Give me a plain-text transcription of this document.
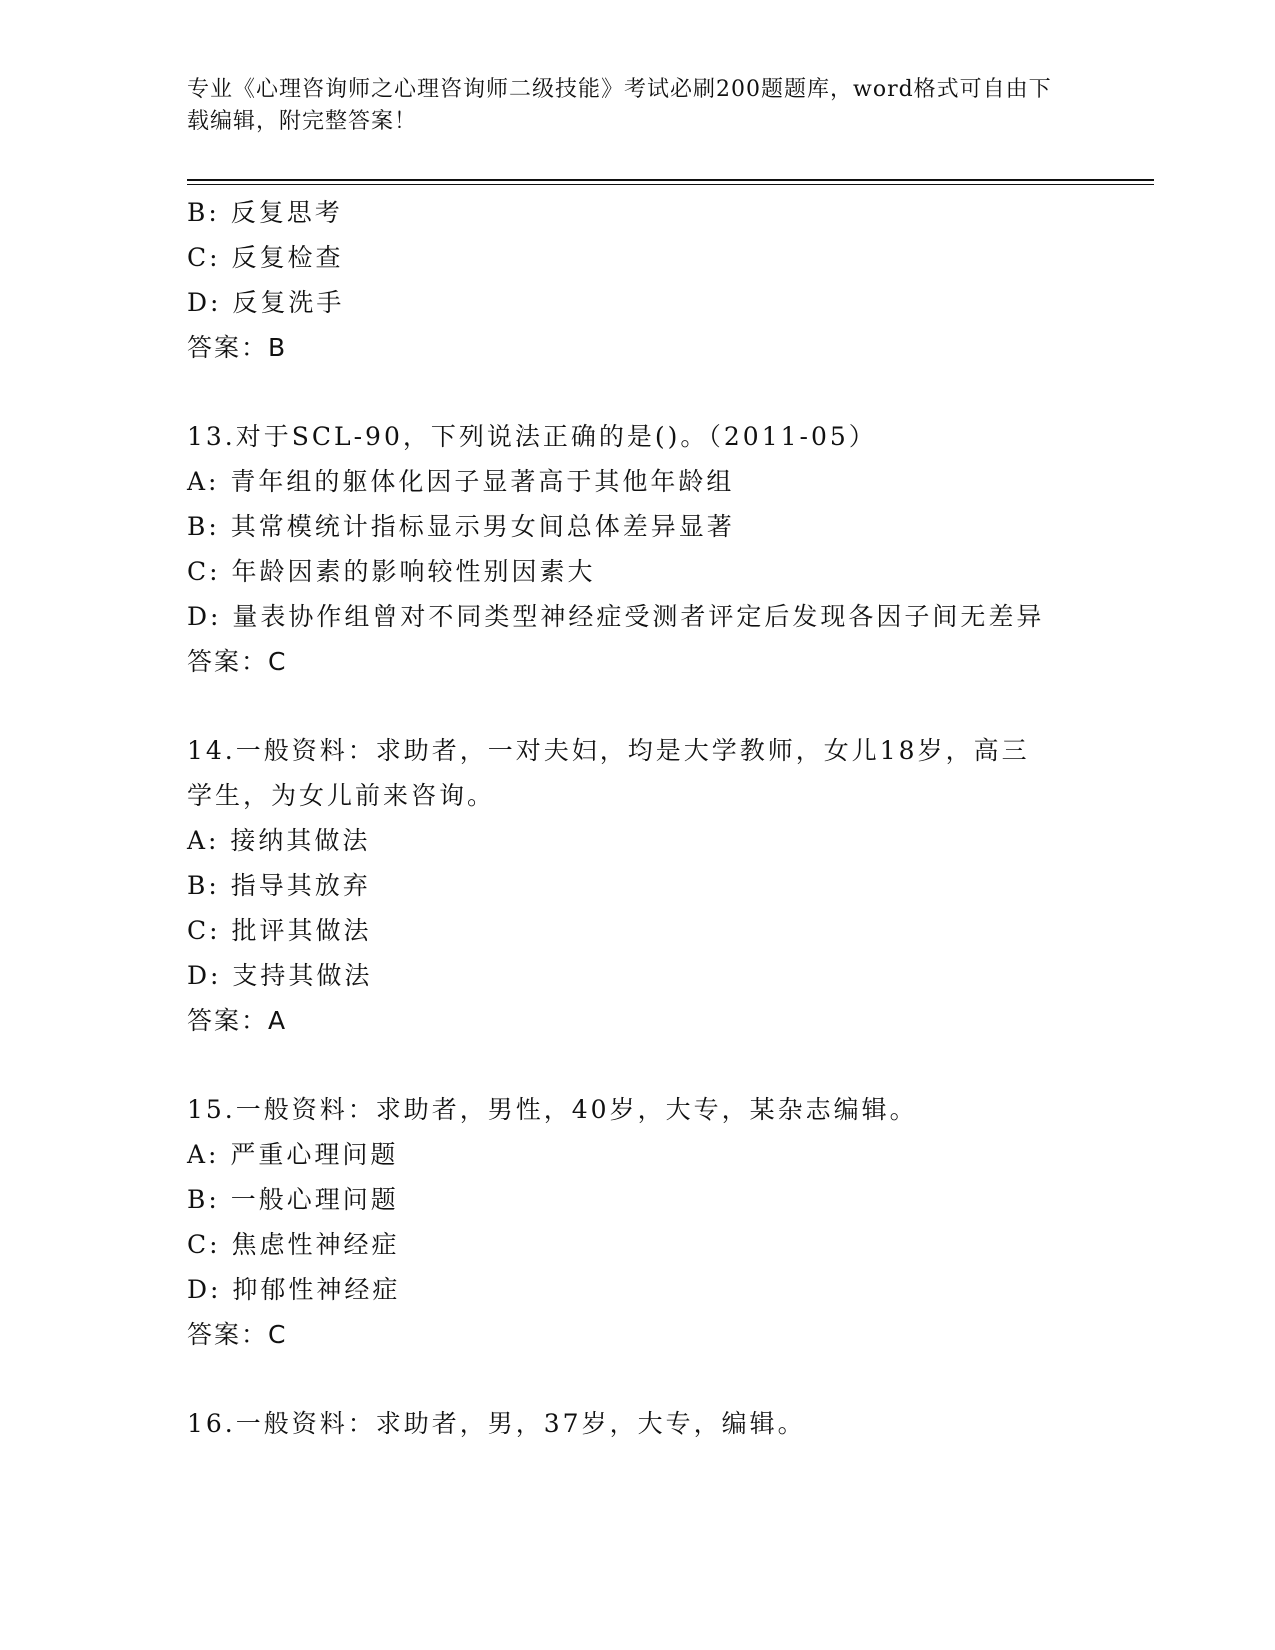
专业《心理咨询师之心理咨询师二级技能》考试必刷200题题库，word格式可自由下载编辑，附完整答案！
B: 反复思考
C: 反复检查
D: 反复洗手
答案：B
13.对于SCL-90，下列说法正确的是()。（2011-05）
A: 青年组的躯体化因子显著高于其他年龄组
B: 其常模统计指标显示男女间总体差异显著
C: 年龄因素的影响较性别因素大
D: 量表协作组曾对不同类型神经症受测者评定后发现各因子间无差异
答案：C
14.一般资料：求助者，一对夫妇，均是大学教师，女儿18岁，高三
学生，为女儿前来咨询。
A: 接纳其做法
B: 指导其放弃
C: 批评其做法
D: 支持其做法
答案：A
15.一般资料：求助者，男性，40岁，大专，某杂志编辑。
A: 严重心理问题
B: 一般心理问题
C: 焦虑性神经症
D: 抑郁性神经症
答案：C
16.一般资料：求助者，男，37岁，大专，编辑。
